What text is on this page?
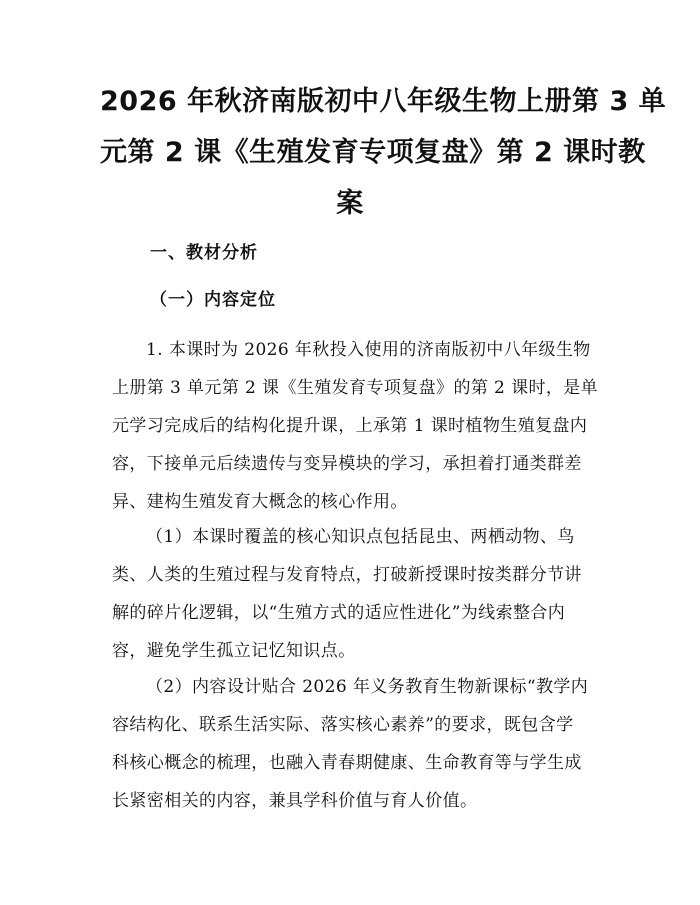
2026 年秋济南版初中八年级生物上册第 3 单
元第 2 课《生殖发育专项复盘》第 2 课时教
案
一、教材分析
（一）内容定位

1. 本课时为 2026 年秋投入使用的济南版初中八年级生物
上册第 3 单元第 2 课《生殖发育专项复盘》的第 2 课时，是单
元学习完成后的结构化提升课，上承第 1 课时植物生殖复盘内
容，下接单元后续遗传与变异模块的学习，承担着打通类群差
异、建构生殖发育大概念的核心作用。

（1）本课时覆盖的核心知识点包括昆虫、两栖动物、鸟
类、人类的生殖过程与发育特点，打破新授课时按类群分节讲
解的碎片化逻辑，以“生殖方式的适应性进化”为线索整合内
容，避免学生孤立记忆知识点。

（2）内容设计贴合 2026 年义务教育生物新课标“教学内
容结构化、联系生活实际、落实核心素养”的要求，既包含学
科核心概念的梳理，也融入青春期健康、生命教育等与学生成
长紧密相关的内容，兼具学科价值与育人价值。
